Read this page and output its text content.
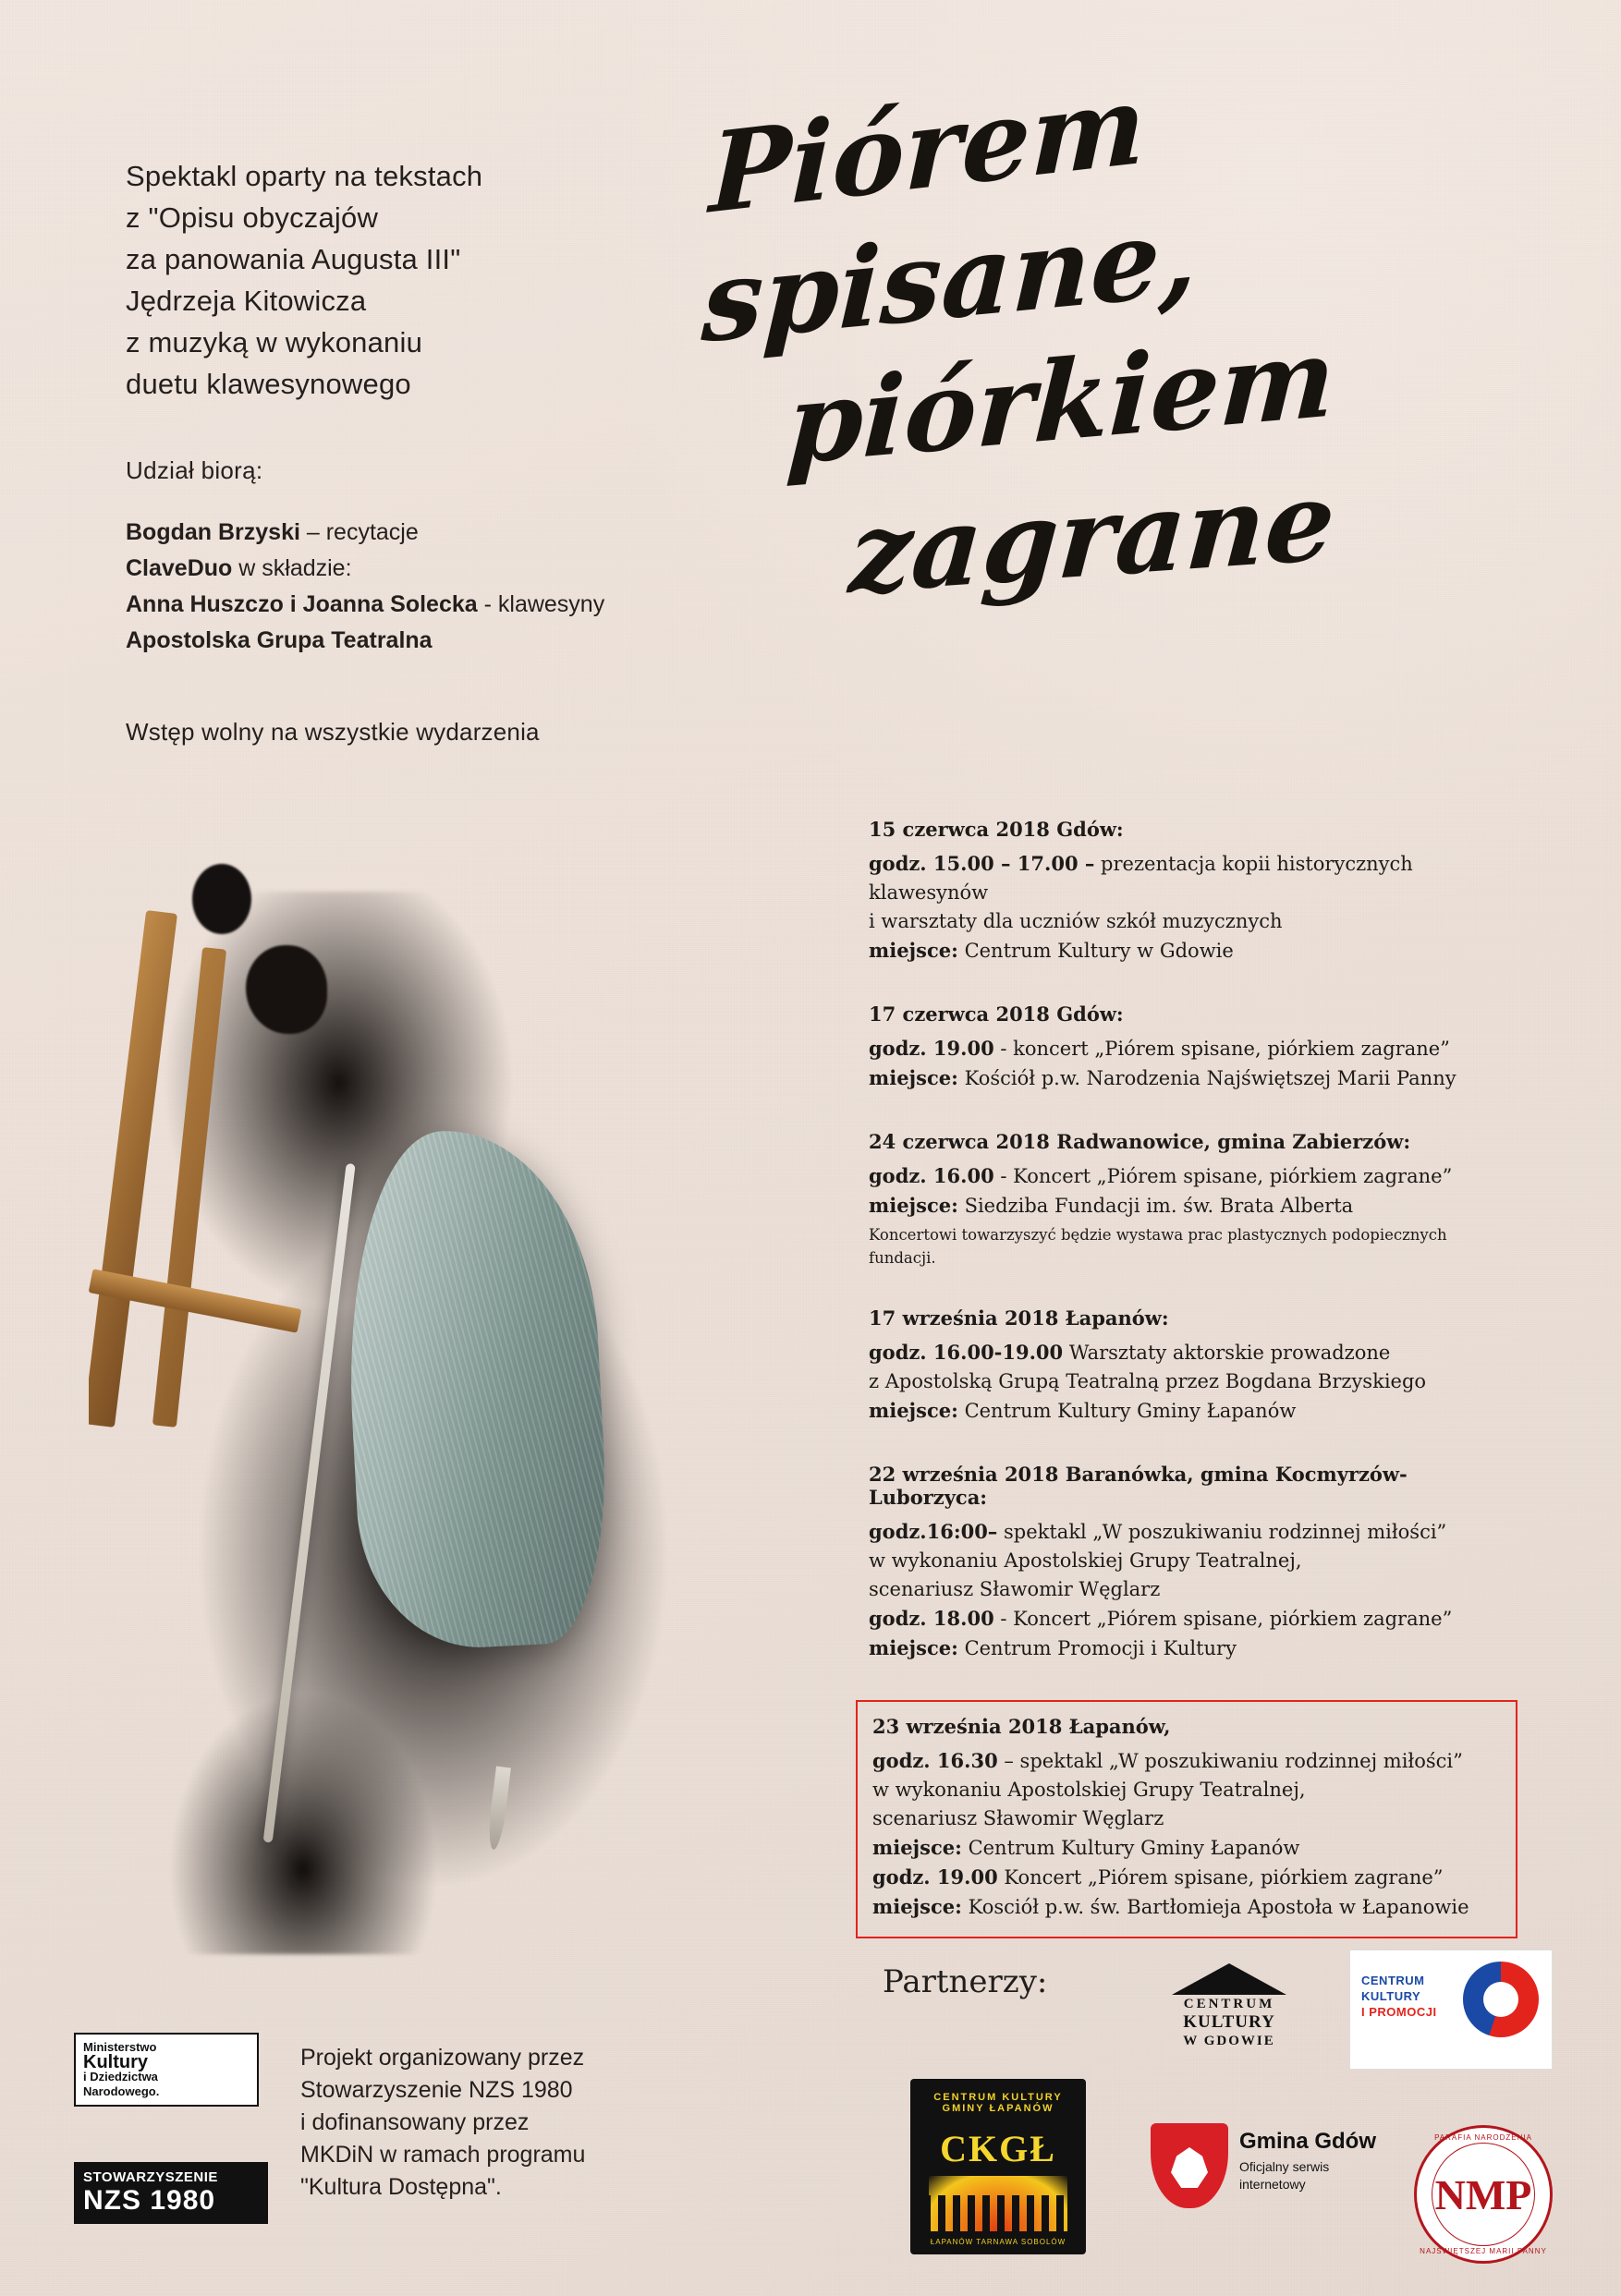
Spektakl oparty na tekstach
z "Opisu obyczajów
za panowania Augusta III"
Jędrzeja Kitowicza
z muzyką w wykonaniu
duetu klawesynowego
Udział biorą:
Bogdan Brzyski – recytacje
ClaveDuo w składzie:
Anna Huszczo i Joanna Solecka - klawesyny
Apostolska Grupa Teatralna
Wstęp wolny na wszystkie wydarzenia
Piórem
spisane,
piórkiem
zagrane
15 czerwca 2018 Gdów:
godz. 15.00 – 17.00 – prezentacja kopii historycznych klawesynów
i warsztaty dla uczniów szkół muzycznych
miejsce: Centrum Kultury w Gdowie
17 czerwca 2018 Gdów:
godz. 19.00 - koncert „Piórem spisane, piórkiem zagrane”
miejsce: Kościół p.w. Narodzenia Najświętszej Marii Panny
24 czerwca 2018 Radwanowice, gmina Zabierzów:
godz. 16.00 - Koncert „Piórem spisane, piórkiem zagrane”
miejsce: Siedziba Fundacji im. św. Brata Alberta
Koncertowi towarzyszyć będzie wystawa prac plastycznych podopiecznych fundacji.
17 września 2018 Łapanów:
godz. 16.00-19.00 Warsztaty aktorskie prowadzone
z Apostolską Grupą Teatralną przez Bogdana Brzyskiego
miejsce: Centrum Kultury Gminy Łapanów
22 września 2018 Baranówka, gmina Kocmyrzów- Luborzyca:
godz.16:00– spektakl „W poszukiwaniu rodzinnej miłości”
w wykonaniu Apostolskiej Grupy Teatralnej,
scenariusz Sławomir Węglarz
godz. 18.00 - Koncert „Piórem spisane, piórkiem zagrane”
miejsce: Centrum Promocji i Kultury
23 września 2018 Łapanów,
godz. 16.30 – spektakl „W poszukiwaniu rodzinnej miłości”
w wykonaniu Apostolskiej Grupy Teatralnej,
scenariusz Sławomir Węglarz
miejsce: Centrum Kultury Gminy Łapanów
godz. 19.00 Koncert „Piórem spisane, piórkiem zagrane”
miejsce: Kosciół p.w. św. Bartłomieja Apostoła w Łapanowie
Partnerzy:
Projekt organizowany przez
Stowarzyszenie NZS 1980
i dofinansowany przez
MKDiN w ramach programu
"Kultura Dostępna".
Ministerstwo
Kultury
i Dziedzictwa
Narodowego.
STOWARZYSZENIE
NZS 1980
CENTRUM KULTURY GMINY ŁAPANÓW
CKGŁ
ŁAPANÓW TARNAWA SOBOLÓW
CENTRUM
KULTURY
W GDOWIE
CENTRUM
KULTURY
I PROMOCJI
Gmina Gdów
Oficjalny serwis
internetowy
PARAFIA NARODZENIA
NAJŚWIĘTSZEJ MARII PANNY
NMP
